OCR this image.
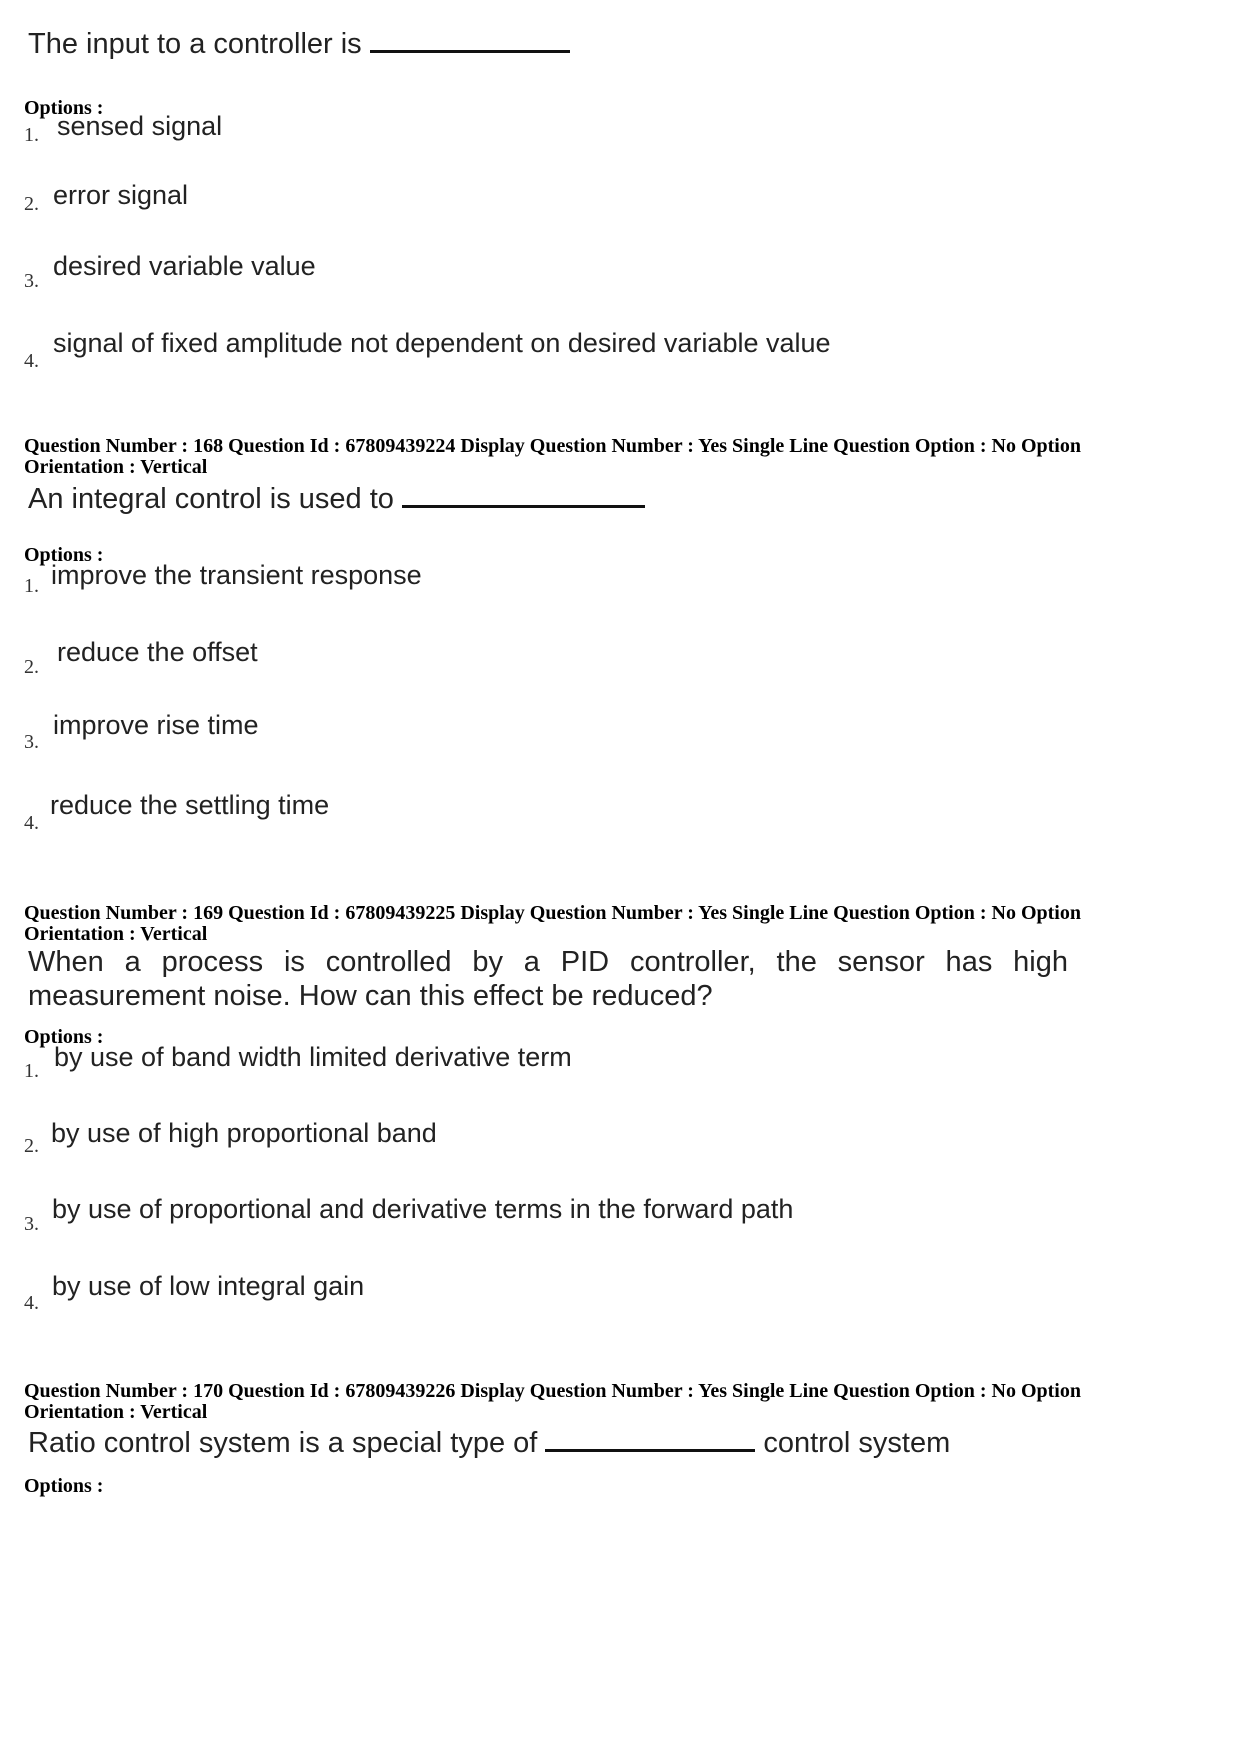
The input to a controller is
Options :
1. sensed signal
2. error signal
3. desired variable value
4.
signal of fixed amplitude not dependent on desired variable value
Question Number : 168 Question Id : 67809439224 Display Question Number : Yes Single Line Question Option : No Option Orientation : Vertical
An integral control is used to
Options :
1. improve the transient response
2. reduce the offset
3.
improve rise time
4.
reduce the settling time
Question Number : 169 Question Id : 67809439225 Display Question Number : Yes Single Line Question Option : No Option Orientation : Vertical
When a process is controlled by a PID controller, the sensor has high measurement noise. How can this effect be reduced?
Options :
1. by use of band width limited derivative term
2. by use of high proportional band
3. by use of proportional and derivative terms in the forward path
4.
by use of low integral gain
Question Number : 170 Question Id : 67809439226 Display Question Number : Yes Single Line Question Option : No Option Orientation : Vertical
Ratio control system is a special type of	control system
Options :
